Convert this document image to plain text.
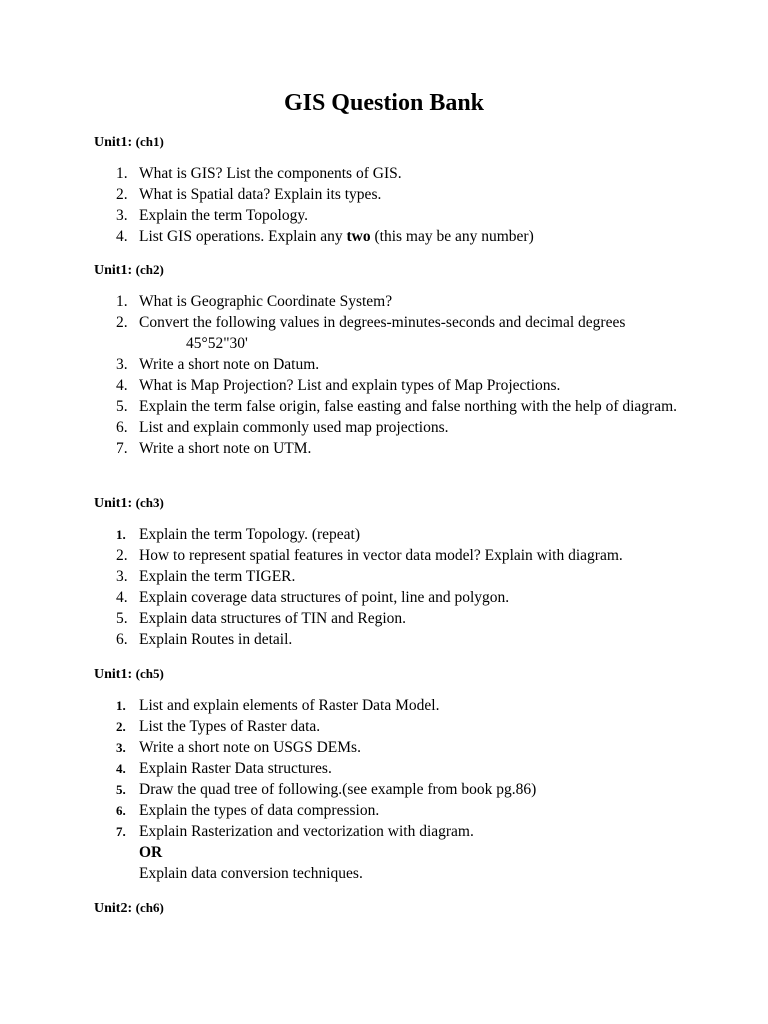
GIS Question Bank
Unit1: (ch1)
1. What is GIS? List the components of GIS.
2. What is Spatial data? Explain its types.
3. Explain the term Topology.
4. List GIS operations. Explain any two (this may be any number)
Unit1: (ch2)
1. What is Geographic Coordinate System?
2. Convert the following values in degrees-minutes-seconds and decimal degrees
45°52"30'
3. Write a short note on Datum.
4. What is Map Projection? List and explain types of Map Projections.
5. Explain the term false origin, false easting and false northing with the help of diagram.
6. List and explain commonly used map projections.
7. Write a short note on UTM.
Unit1: (ch3)
1. Explain the term Topology. (repeat)
2. How to represent spatial features in vector data model? Explain with diagram.
3. Explain the term TIGER.
4. Explain coverage data structures of point, line and polygon.
5. Explain data structures of TIN and Region.
6. Explain Routes in detail.
Unit1: (ch5)
1. List and explain elements of Raster Data Model.
2. List the Types of Raster data.
3. Write a short note on USGS DEMs.
4. Explain Raster Data structures.
5. Draw the quad tree of following.(see example from book pg.86)
6. Explain the types of data compression.
7. Explain Rasterization and vectorization with diagram.
OR
Explain data conversion techniques.
Unit2: (ch6)
